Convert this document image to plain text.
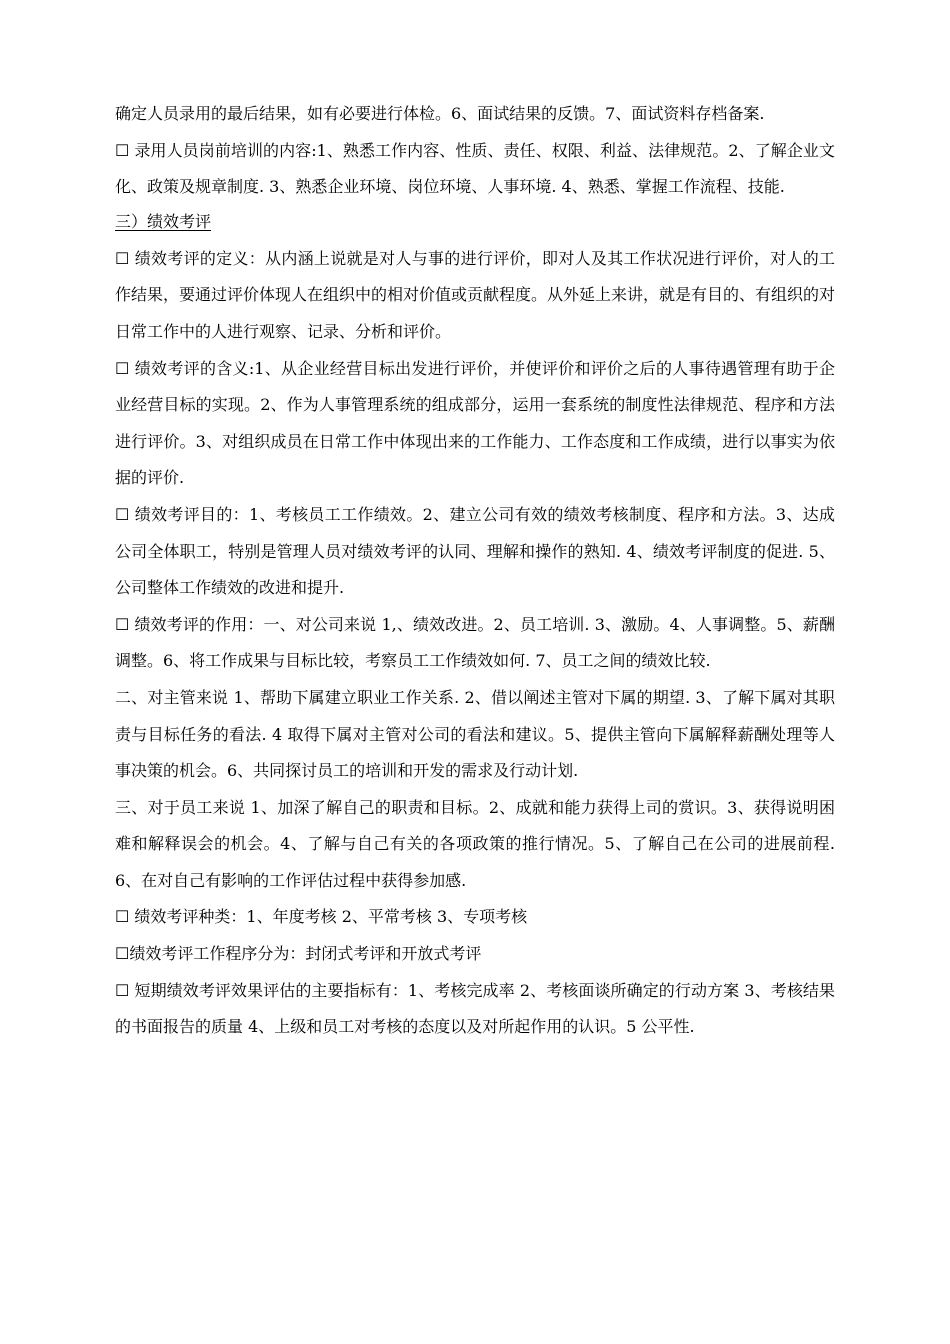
确定人员录用的最后结果，如有必要进行体检。6、面试结果的反馈。7、面试资料存档备案.

☐ 录用人员岗前培训的内容:1、熟悉工作内容、性质、责任、权限、利益、法律规范。2、了解企业文化、政策及规章制度. 3、熟悉企业环境、岗位环境、人事环境. 4、熟悉、掌握工作流程、技能.

三）绩效考评

☐ 绩效考评的定义：从内涵上说就是对人与事的进行评价，即对人及其工作状况进行评价，对人的工作结果，要通过评价体现人在组织中的相对价值或贡献程度。从外延上来讲，就是有目的、有组织的对日常工作中的人进行观察、记录、分析和评价。

☐ 绩效考评的含义:1、从企业经营目标出发进行评价，并使评价和评价之后的人事待遇管理有助于企业经营目标的实现。2、作为人事管理系统的组成部分，运用一套系统的制度性法律规范、程序和方法进行评价。3、对组织成员在日常工作中体现出来的工作能力、工作态度和工作成绩，进行以事实为依据的评价.

☐ 绩效考评目的：1、考核员工工作绩效。2、建立公司有效的绩效考核制度、程序和方法。3、达成公司全体职工，特别是管理人员对绩效考评的认同、理解和操作的熟知. 4、绩效考评制度的促进. 5、公司整体工作绩效的改进和提升.

☐ 绩效考评的作用：一、对公司来说 1,、绩效改进。2、员工培训. 3、激励。4、人事调整。5、薪酬调整。6、将工作成果与目标比较，考察员工工作绩效如何. 7、员工之间的绩效比较.

二、对主管来说 1、帮助下属建立职业工作关系. 2、借以阐述主管对下属的期望. 3、了解下属对其职责与目标任务的看法. 4 取得下属对主管对公司的看法和建议。5、提供主管向下属解释薪酬处理等人事决策的机会。6、共同探讨员工的培训和开发的需求及行动计划.

三、对于员工来说 1、加深了解自己的职责和目标。2、成就和能力获得上司的赏识。3、获得说明困难和解释误会的机会。4、了解与自己有关的各项政策的推行情况。5、了解自己在公司的进展前程. 6、在对自己有影响的工作评估过程中获得参加感.

☐ 绩效考评种类：1、年度考核 2、平常考核 3、专项考核

☐绩效考评工作程序分为：封闭式考评和开放式考评

☐ 短期绩效考评效果评估的主要指标有：1、考核完成率 2、考核面谈所确定的行动方案 3、考核结果的书面报告的质量 4、上级和员工对考核的态度以及对所起作用的认识。5 公平性.
